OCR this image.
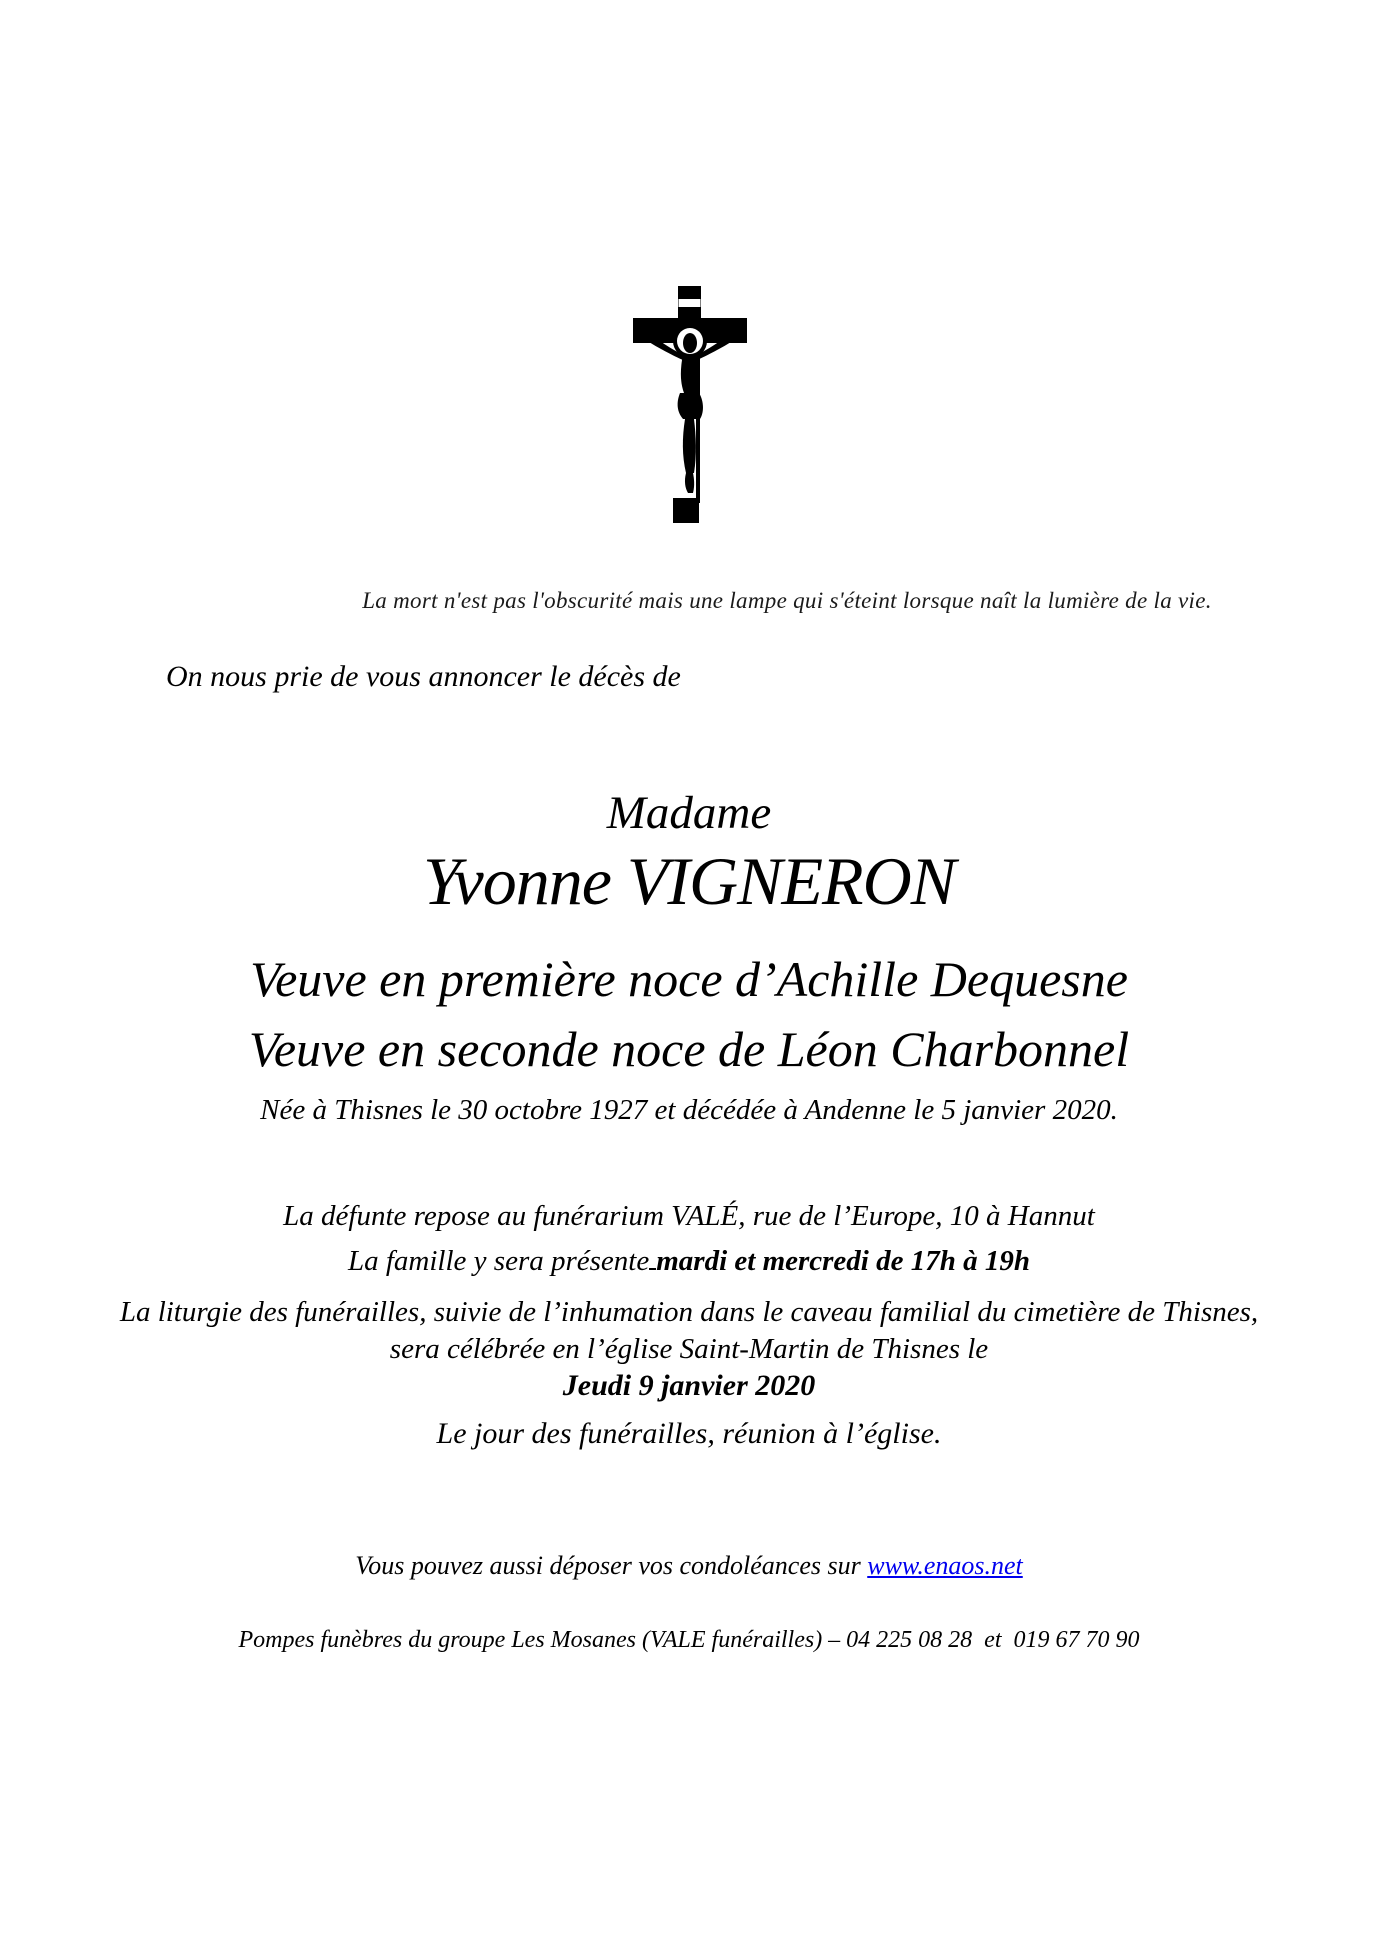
La mort n'est pas l'obscurité mais une lampe qui s'éteint lorsque naît la lumière de la vie.
On nous prie de vous annoncer le décès de
Madame
Yvonne VIGNERON
Veuve en première noce d’Achille Dequesne
Veuve en seconde noce de Léon Charbonnel
Née à Thisnes le 30 octobre 1927 et décédée à Andenne le 5 janvier 2020.
La défunte repose au funérarium VALÉ, rue de l’Europe, 10 à Hannut
La famille y sera présente mardi et mercredi de 17h à 19h
La liturgie des funérailles, suivie de l’inhumation dans le caveau familial du cimetière de Thisnes,
sera célébrée en l’église Saint-Martin de Thisnes le
Jeudi 9 janvier 2020
Le jour des funérailles, réunion à l’église.
Vous pouvez aussi déposer vos condoléances sur www.enaos.net
Pompes funèbres du groupe Les Mosanes (VALE funérailles) – 04 225 08 28  et  019 67 70 90
